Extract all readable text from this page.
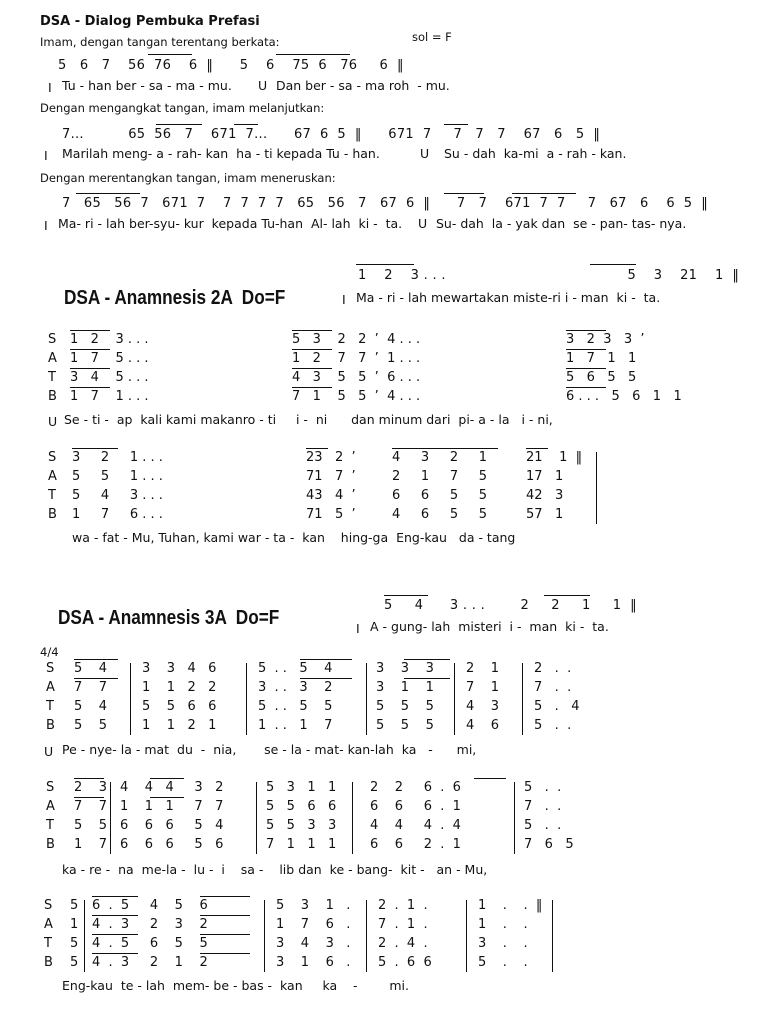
DSA - Dialog Pembuka Prefasi
sol = F
Imam, dengan tangan terentang berkata:
5   6   7    56  76    6  ‖      5    6    75  6   76     6  ‖
I Tu - han ber - sa - ma - mu. U Dan ber - sa - ma roh  - mu.
Dengan mengangkat tangan, imam melanjutkan:
7...          65  56   7    671  7...      67  6  5  ‖      671  7     7   7   7    67   6   5  ‖
I Marilah meng- a - rah- kan  ha - ti kepada Tu - han.	U Su - dah  ka-mi  a - rah - kan.
Dengan merentangkan tangan, imam meneruskan:
7   65   56  7   671  7    7  7  7  7   65   56   7   67  6  ‖      7   7    671  7  7     7   67   6    6  5  ‖
I Ma- ri - lah ber-syu- kur  kepada Tu-han  Al- lah  ki -  ta. U Su- dah  la - yak dan  se - pan- tas- nya.
DSA - Anamnesis 2A  Do=F
1    2    3 . . .                                         5    3    21    1  ‖
I Ma - ri - lah mewartakan miste-ri i - man  ki -  ta.
S 1   2    3 . . .	5   3    2   2  ’  4 . . .	3   2  3   3  ’
A 1   7    5 . . .	1   2    7   7  ’  1 . . .	1   7   1   1
T 3   4    5 . . .	4   3    5   5  ’  6 . . .	5   6   5   5
B 1   7    1 . . .	7   1    5   5  ’  4 . . .	6 . . .   5   6   1   1
U Se - ti -  ap  kali kami makanro - ti     i -  ni      dan minum dari  pi- a - la   i - ni,
S 3     2     1 . . .	23   2  ’	4     3     2     1	21    1  ‖
A 5     5     1 . . .	71   7  ’	2     1     7     5	17   1
T 5     4     3 . . .	43   4  ’	6     6     5     5	42   3
B 1     7     6 . . .	71   5  ’	4     6     5     5	57   1
wa - fat - Mu, Tuhan, kami war - ta -  kan    hing-ga  Eng-kau   da - tang
DSA - Anamnesis 3A  Do=F
5     4      3 . . .        2     2     1     1  ‖
I A - gung- lah  misteri  i -  man  ki -  ta.
4/4
S 5    4	3    3   4   6	5  . .   5    4	3    3    3 2    1	2   .  .
A 7    7	1    1   2   2	3  . .   3    2	3    1    1 7    1	7   .  .
T 5    4	5    5   6   6	5  . .   5    5	5    5    5 4    3	5   .   4
B 5    5	1    1   2   1	1  . .   1    7	5    5    5 4    6	5   .  .
U Pe - nye- la - mat  du  -  nia,       se - la - mat- kan-lah  ka   -      mi,
S 2    3 4    4   4     3   2	5   3   1   1	2    2     6  .  6	5   .  .
A 7    7 1    1   1     7   7	5   5   6   6	6    6     6  .  1	7   .  .
T 5    5 6    6   6     5   4	5   5   3   3	4    4     4  .  4	5   .  .
B 1    7 6    6   6     5   6	7   1   1   1	6    6     2  .  1	7   6   5
ka - re -  na  me-la -  lu -  i    sa -    lib dan  ke - bang-  kit -   an - Mu,
S 5 6  .  5     4    5    6	5    3    1   . 2  .  1  .	1    .    .  ‖
A 1 4  .  3     2    3    2	1    7    6   . 7  .  1  .	1    .    .
T 5 4  .  5     6    5    5	3    4    3   . 2  .  4  .	3    .    .
B 5 4  .  3     2    1    2	3    1    6   . 5  .  6  6	5    .    .
Eng-kau  te - lah  mem- be - bas -  kan     ka    -        mi.
